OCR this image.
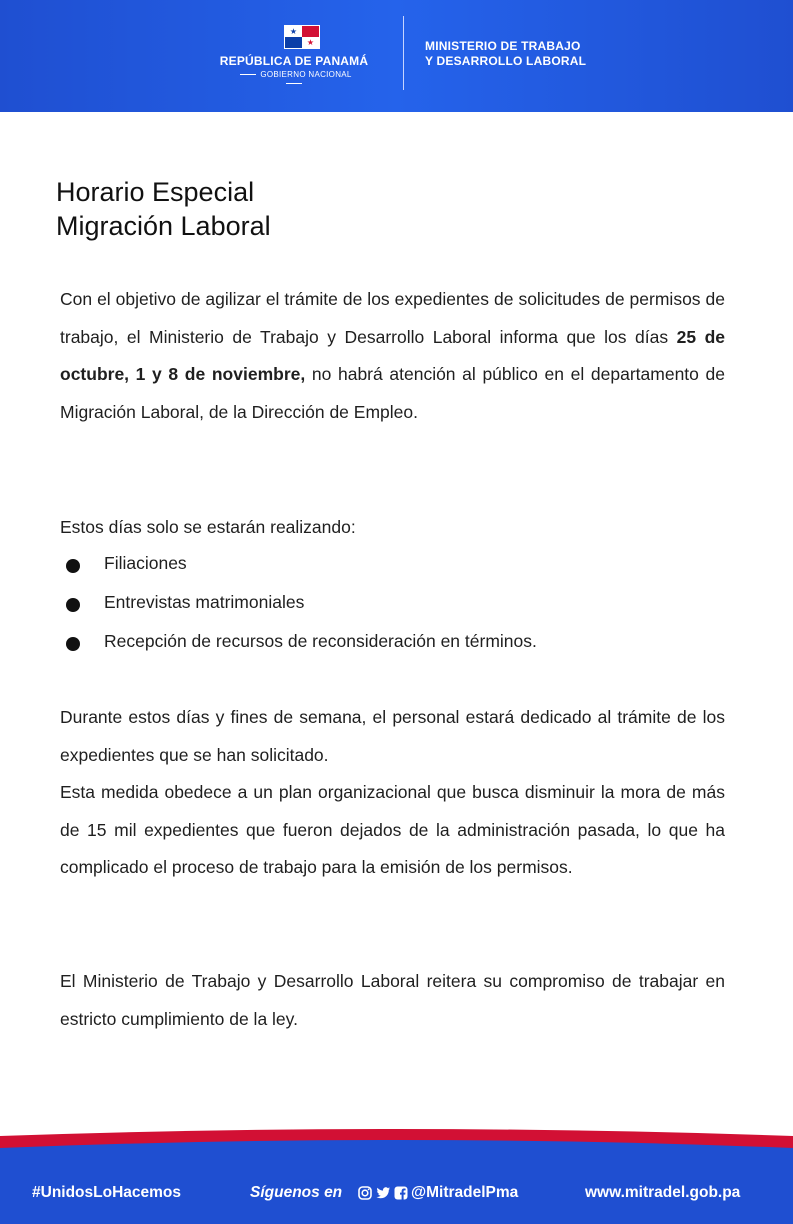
★
★
REPÚBLICA DE PANAMÁ
GOBIERNO NACIONAL
MINISTERIO DE TRABAJO
Y DESARROLLO LABORAL
Horario Especial
Migración Laboral
Con el objetivo de agilizar el trámite de los expedientes de solicitudes de permisos de trabajo, el Ministerio de Trabajo y Desarrollo Laboral informa que los días 25 de octubre, 1 y 8 de noviembre, no habrá atención al público en el departamento de Migración Laboral, de la Dirección de Empleo.
Estos días solo se estarán realizando:
Filiaciones
Entrevistas matrimoniales
Recepción de recursos de reconsideración en términos.
Durante estos días y fines de semana, el personal estará dedicado al trámite de los expedientes que se han solicitado.
Esta medida obedece a un plan organizacional que busca disminuir la mora de más de 15 mil expedientes que fueron dejados de la administración pasada, lo que ha complicado el proceso de trabajo para la emisión de los permisos.
El Ministerio de Trabajo y Desarrollo Laboral reitera su compromiso de trabajar en estricto cumplimiento de la ley.
#UnidosLoHacemos	Síguenos en	@MitradelPma	www.mitradel.gob.pa
